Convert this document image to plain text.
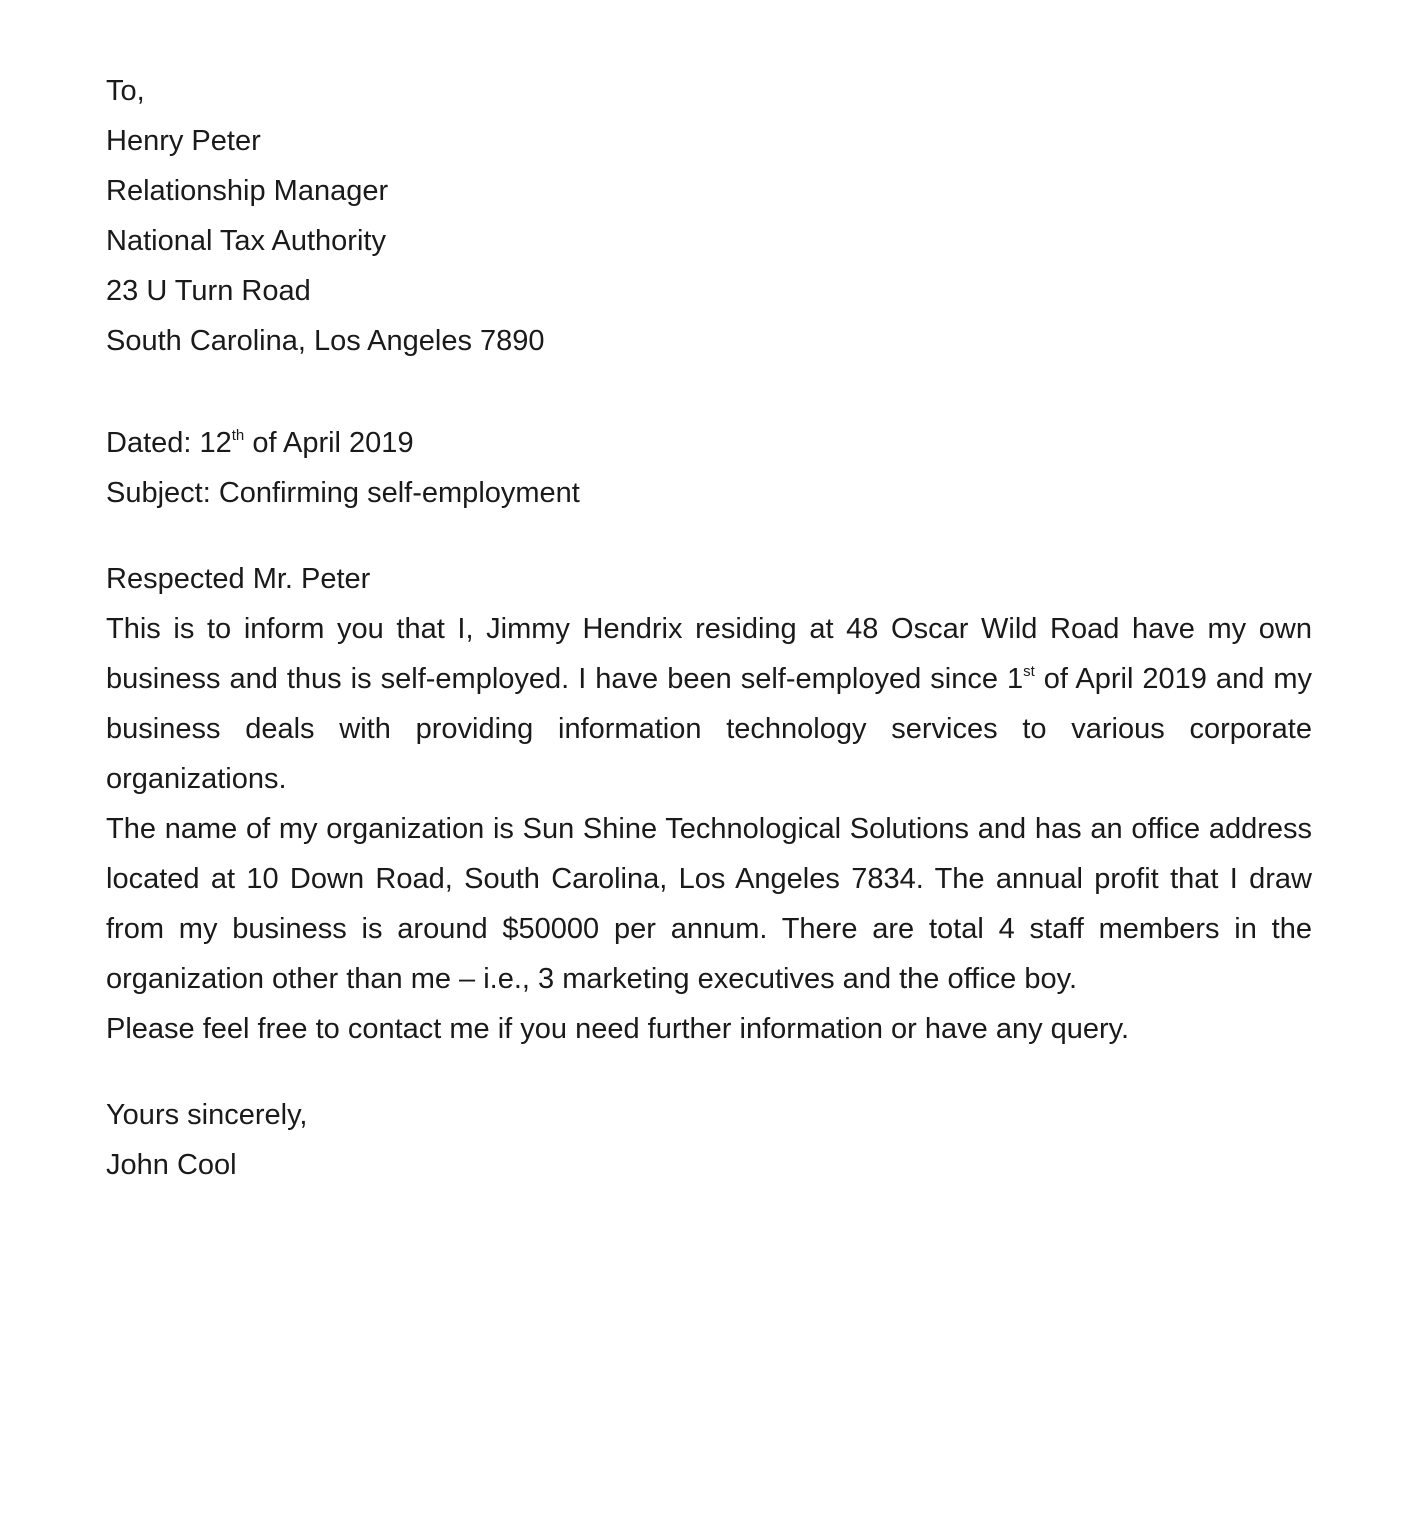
To,
Henry Peter
Relationship Manager
National Tax Authority
23 U Turn Road
South Carolina, Los Angeles 7890
Dated: 12th of April 2019
Subject: Confirming self-employment
Respected Mr. Peter

This is to inform you that I, Jimmy Hendrix residing at 48 Oscar Wild Road have my own business and thus is self-employed. I have been self-employed since 1st of April 2019 and my business deals with providing information technology services to various corporate organizations.

The name of my organization is Sun Shine Technological Solutions and has an office address located at 10 Down Road, South Carolina, Los Angeles 7834. The annual profit that I draw from my business is around $50000 per annum. There are total 4 staff members in the organization other than me – i.e., 3 marketing executives and the office boy.

Please feel free to contact me if you need further information or have any query.

Yours sincerely,
John Cool
